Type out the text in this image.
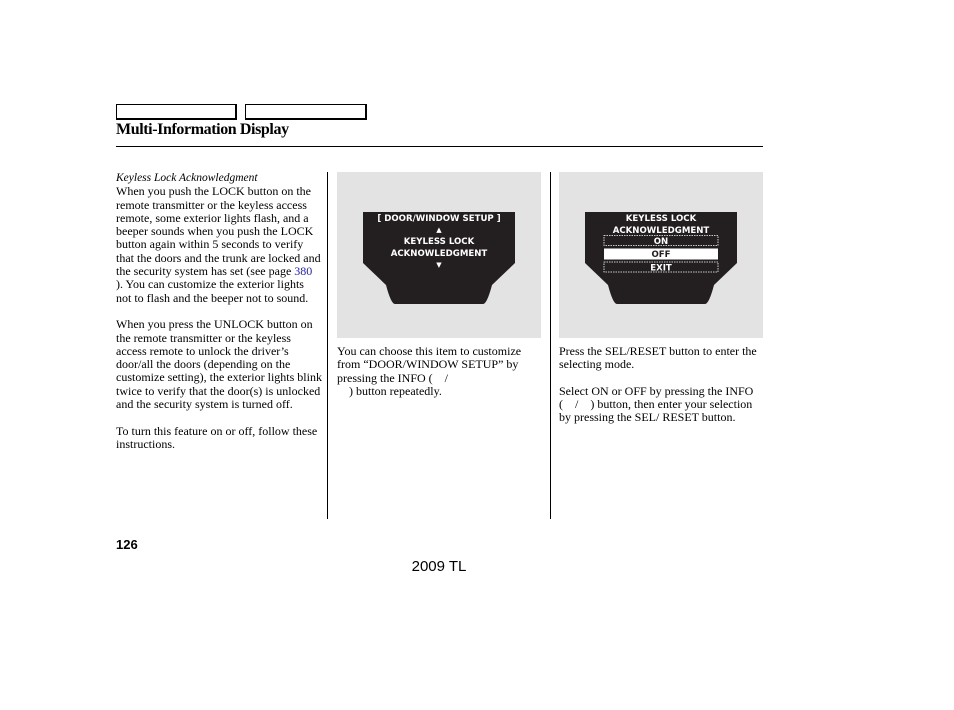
Multi-Information Display
Keyless Lock Acknowledgment

When you push the LOCK button on the remote transmitter or the keyless access remote, some exterior lights flash, and a beeper sounds when you push the LOCK button again within 5 seconds to verify that the doors and the trunk are locked and the security system has set (see page 380 ). You can customize the exterior lights not to flash and the beeper not to sound.

When you press the UNLOCK button on the remote transmitter or the keyless access remote to unlock the driver’s door/all the doors (depending on the customize setting), the exterior lights blink twice to verify that the door(s) is unlocked and the security system is turned off.

To turn this feature on or off, follow these instructions.

[ DOOR/WINDOW SETUP ]
▲
KEYLESS LOCK
ACKNOWLEDGMENT
▼
KEYLESS LOCK
ACKNOWLEDGMENT
ON
OFF
EXIT

You can choose this item to customize from “DOOR/WINDOW SETUP” by pressing the INFO ( /
) button repeatedly.

Press the SEL/RESET button to enter the selecting mode.

Select ON or OFF by pressing the INFO ( / ) button, then enter your selection by pressing the SEL/ RESET button.

126
2009 TL
